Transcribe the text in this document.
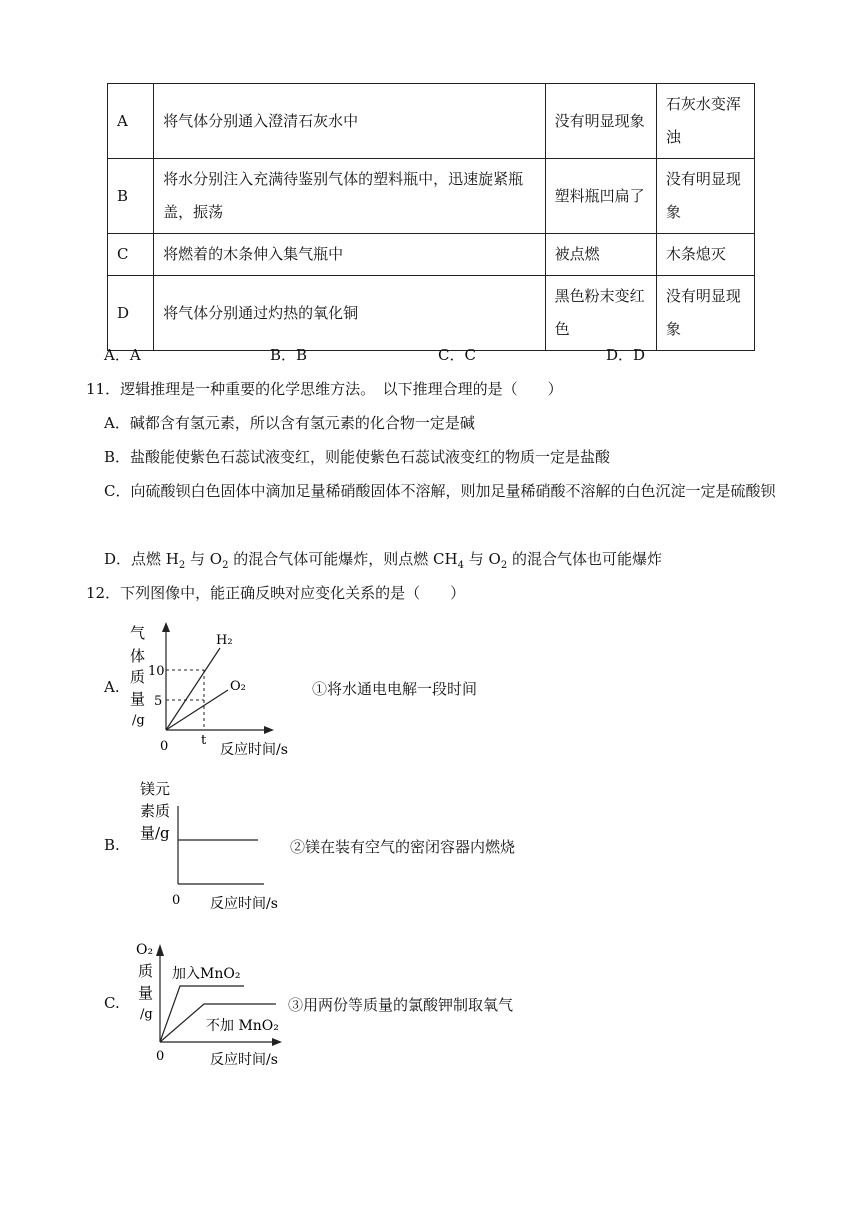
A	将气体分别通入澄清石灰水中	没有明显现象	石灰水变浑浊
B	将水分别注入充满待鉴别气体的塑料瓶中，迅速旋紧瓶盖，振荡	塑料瓶凹扁了	没有明显现象
C	将燃着的木条伸入集气瓶中	被点燃	木条熄灭
D	将气体分别通过灼热的氧化铜	黑色粉末变红色	没有明显现象
A．A	B．B	C．C	D．D
11．逻辑推理是一种重要的化学思维方法。　以下推理合理的是（　　）
A．碱都含有氢元素，所以含有氢元素的化合物一定是碱
B．盐酸能使紫色石蕊试液变红，则能使紫色石蕊试液变红的物质一定是盐酸
C．向硫酸钡白色固体中滴加足量稀硝酸固体不溶解，则加足量稀硝酸不溶解的白色沉淀一定是硫酸钡
D．点燃 $H_2$ 与 $O_2$ 的混合气体可能爆炸，则点燃 $CH_4$ 与 $O_2$ 的混合气体也可能爆炸
12．下列图像中，能正确反映对应变化关系的是（　　）
A.
气
体
质
量
/g
H₂
O₂
10
5
t
0	反应时间/s
①将水通电电解一段时间
B.
镁元
素质
量/g
0 反应时间/s
②镁在装有空气的密闭容器内燃烧
C.
O₂
质
量
/g
加入MnO₂
不加 MnO₂
0	反应时间/s
③用两份等质量的氯酸钾制取氧气
